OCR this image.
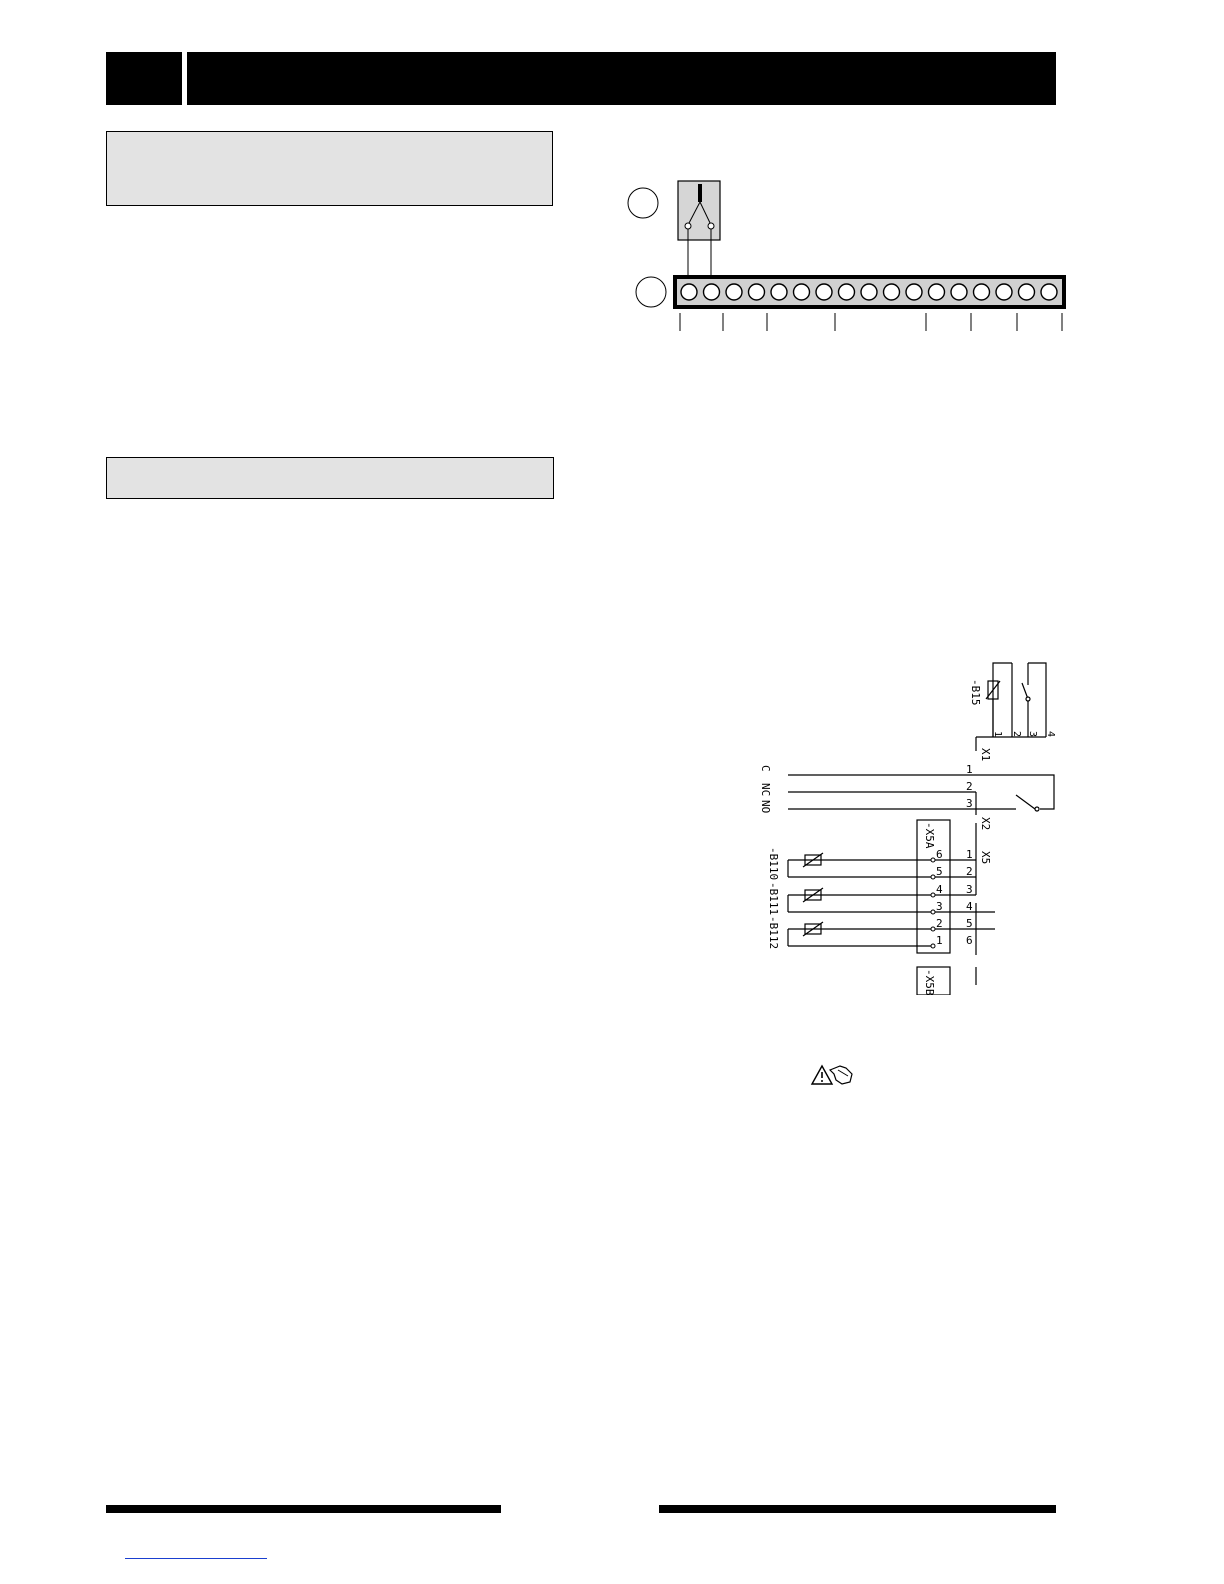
-B15
X1
X2
X5
-X5A
-X5B
C
NC
NO
-B110
-B111
-B112
1 2 3 4
1
2
3
1
2
3
4
5
6
6
5
4
3
2
1
